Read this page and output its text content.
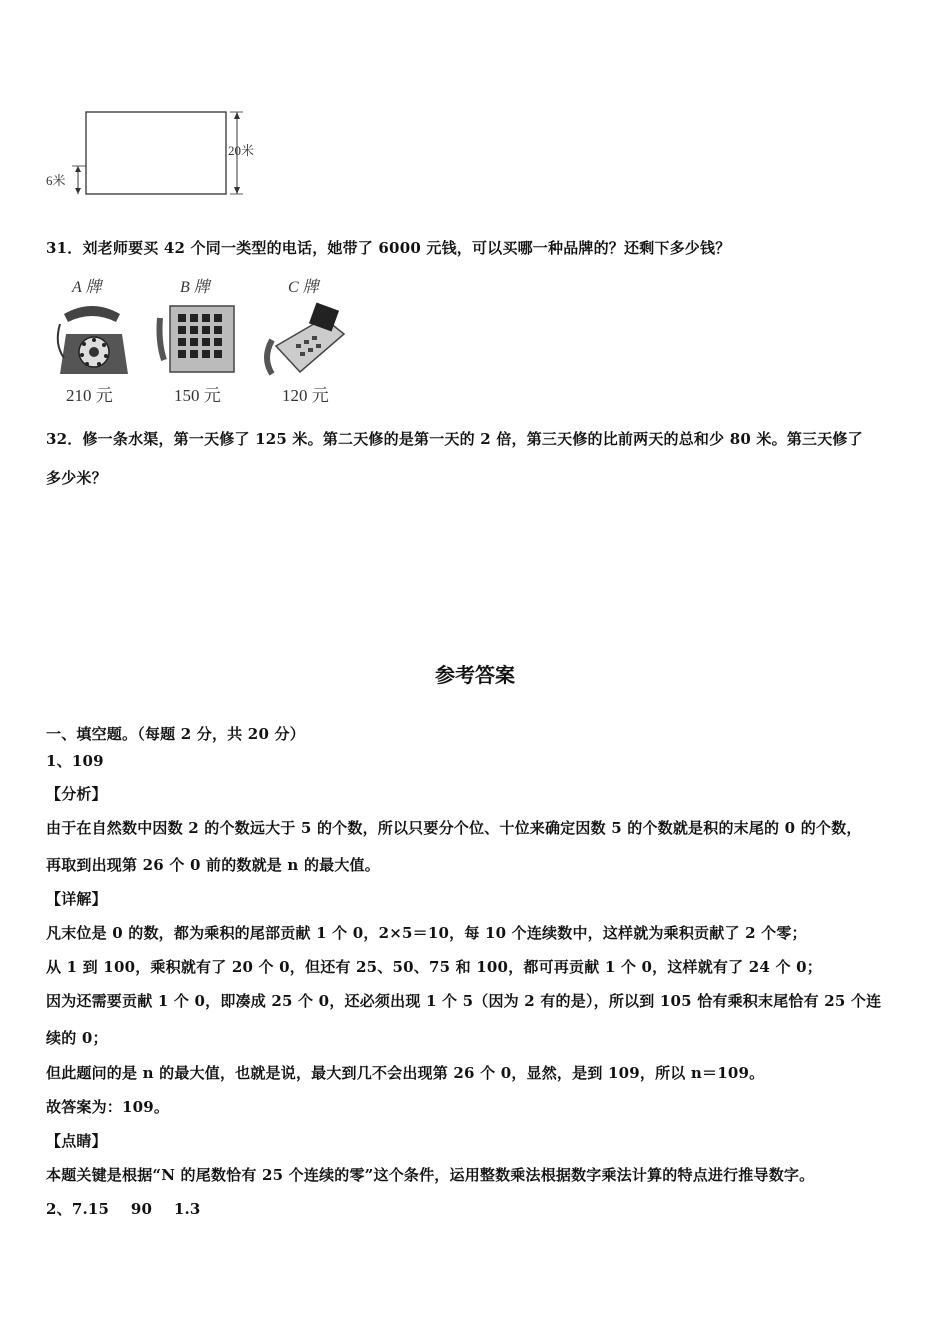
20米
6米
31．刘老师要买 42 个同一类型的电话，她带了 6000 元钱，可以买哪一种品牌的？还剩下多少钱？
A 牌	B 牌	C 牌
210 元	150 元	120 元
32．修一条水渠，第一天修了 125 米。第二天修的是第一天的 2 倍，第三天修的比前两天的总和少 80 米。第三天修了
多少米？
参考答案
一、填空题。（每题 2 分，共 20 分）
1、109
【分析】
由于在自然数中因数 2 的个数远大于 5 的个数，所以只要分个位、十位来确定因数 5 的个数就是积的末尾的 0 的个数，
再取到出现第 26 个 0 前的数就是 n 的最大值。
【详解】
凡末位是 0 的数，都为乘积的尾部贡献 1 个 0，2×5＝10，每 10 个连续数中，这样就为乘积贡献了 2 个零；
从 1 到 100，乘积就有了 20 个 0，但还有 25、50、75 和 100，都可再贡献 1 个 0，这样就有了 24 个 0；
因为还需要贡献 1 个 0，即凑成 25 个 0，还必须出现 1 个 5（因为 2 有的是），所以到 105 恰有乘积末尾恰有 25 个连
续的 0；
但此题问的是 n 的最大值，也就是说，最大到几不会出现第 26 个 0，显然，是到 109，所以 n＝109。
故答案为：109。
【点睛】
本题关键是根据“N 的尾数恰有 25 个连续的零”这个条件，运用整数乘法根据数字乘法计算的特点进行推导数字。
2、7.15    90    1.3
